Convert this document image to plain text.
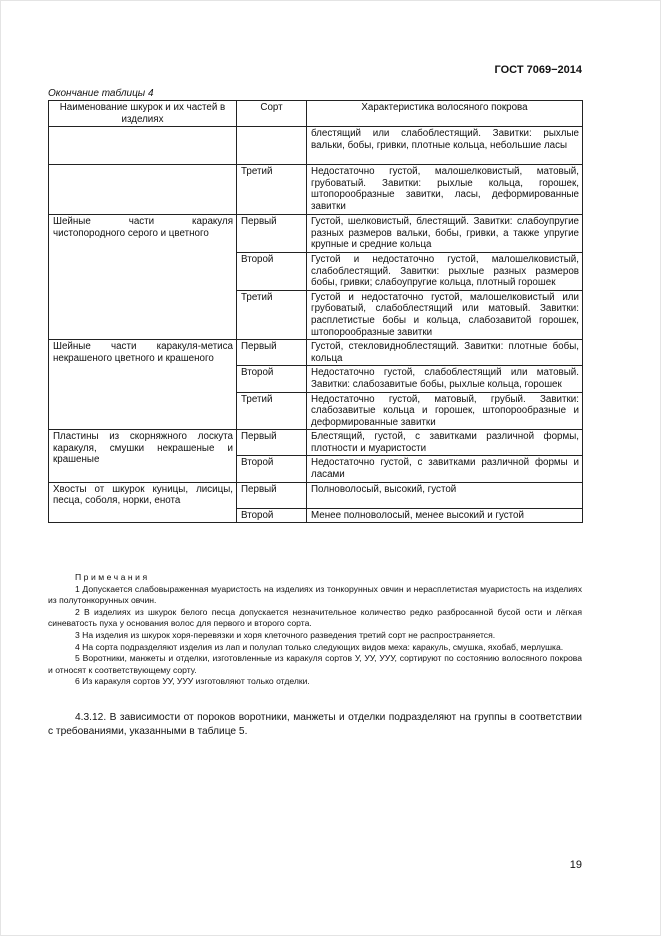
ГОСТ 7069−2014
Окончание таблицы 4
Наименование шкурок и их частей в изделиях	Сорт	Характеристика волосяного покрова
		блестящий или слабоблестящий. Завитки: рыхлые вальки, бобы, гривки, плотные кольца, небольшие ласы
	Третий	Недостаточно густой, малошелковистый, матовый, грубоватый. Завитки: рыхлые кольца, горошек, штопорообразные завитки, ласы, деформированные завитки
Шейные части каракуля чистопородного серого и цветного	Первый	Густой, шелковистый, блестящий. Завитки: слабоупругие разных размеров вальки, бобы, гривки, а также упругие крупные и средние кольца
	Второй	Густой и недостаточно густой, малошелковистый, слабоблестящий. Завитки: рыхлые разных размеров бобы, гривки; слабоупругие кольца, плотный горошек
	Третий	Густой и недостаточно густой, малошелковистый или грубоватый, слабоблестящий или матовый. Завитки: расплетистые бобы и кольца, слабозавитой горошек, штопорообразные завитки
Шейные части каракуля-метиса некрашеного цветного и крашеного	Первый	Густой, стекловидноблестящий. Завитки: плотные бобы, кольца
	Второй	Недостаточно густой, слабоблестящий или матовый. Завитки: слабозавитые бобы, рыхлые кольца, горошек
	Третий	Недостаточно густой, матовый, грубый. Завитки: слабозавитые кольца и горошек, штопорообразные и деформированные завитки
Пластины из скорняжного лоскута каракуля, смушки некрашеные и крашеные	Первый	Блестящий, густой, с завитками различной формы, плотности и муаристости
	Второй	Недостаточно густой, с завитками различной формы и ласами
Хвосты от шкурок куницы, лисицы, песца, соболя, норки, енота	Первый	Полноволосый, высокий, густой
	Второй	Менее полноволосый, менее высокий и густой

Примечания

1 Допускается слабовыраженная муаристость на изделиях из тонкорунных овчин и нерасплетистая муаристость на изделиях из полутонкорунных овчин.

2 В изделиях из шкурок белого песца допускается незначительное количество редко разбросанной бусой ости и лёгкая синеватость пуха у основания волос для первого и второго сорта.

3 На изделия из шкурок хоря-перевязки и хоря клеточного разведения третий сорт не распространяется.

4 На сорта подразделяют изделия из лап и полулап только следующих видов меха: каракуль, смушка, яхобаб, мерлушка.

5 Воротники, манжеты и отделки, изготовленные из каракуля сортов У, УУ, УУУ, сортируют по состоянию волосяного покрова и относят к соответствующему сорту.

6 Из каракуля сортов УУ, УУУ изготовляют только отделки.

4.3.12. В зависимости от пороков воротники, манжеты и отделки подразделяют на группы в соответствии с требованиями, указанными в таблице 5.
19
